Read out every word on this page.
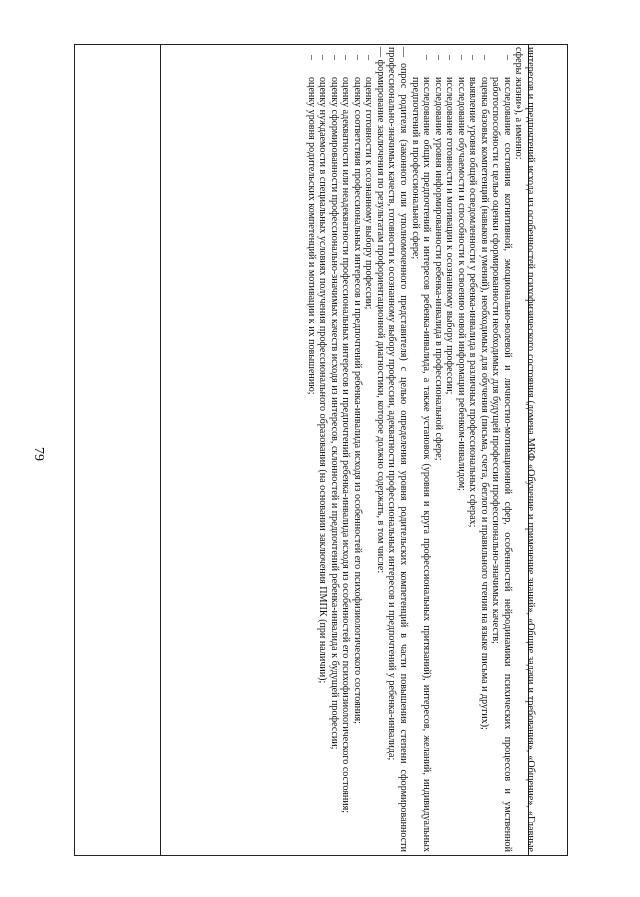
79	интересов и предпочтений исхода из особенностей психофизического состояния (домена МКФ «Обучение и применение знаний», «Общие задачи и требования», «Общение», «Главные сферы жизни»), а именно:

–исследование состояния когнитивной, эмоционально-волевой и личностно-мотивационной сфер, особенностей нейродинамики психических процессов и умственной работоспособности с целью оценки сформированности необходимых для будущей профессии профессионально-значимых качеств;

–оценка базовых компетенций (навыков и умений), необходимых для обучения (письма, счета, беглого и правильного чтения на языке письма и других);

–выявление уровня общей осведомленности у ребенка-инвалида в различных профессиональных сферах;

–исследование обучаемости и способности к освоению новой информации ребенком-инвалидом;

–исследование готовности и мотивации к осознанному выбору профессии;

–исследование уровня информированности ребенка-инвалида в профессиональной сфере;

–исследование общих предпочтений и интересов ребенка-инвалида, а также установок (уровня и круга профессиональных притязаний), интересов, желаний, индивидуальных предпочтений в профессиональной сфере;

— опрос родителя (законного или уполномоченного представителя) с целью определения уровня родительских компетенций в части повышения степени сформированности профессионально-значимых качеств, готовности к осознанному выбору профессии, адекватности профессиональных интересов и предпочтений у ребенка-инвалида;

— формирование заключения по результатам профориентационной диагностики, которое должно содержать, в том числе:

–оценку готовности к осознанному выбору профессии;

–оценку соответствия профессиональных интересов и предпочтений ребенка-инвалида исходя из особенностей его психофизиологического состояния;

–оценку адекватности или неадекватности профессиональных интересов и предпочтений ребенка-инвалида исходя из особенностей его психофизиологического состояния;

–оценку сформированности профессионально-значимых качеств исходя из интересов, склонностей и предпочтений ребенка-инвалида к будущей профессии;

–оценку нуждаемости в специальных условиях получения профессионального образования (на основании заключения ПМПК (при наличии);

–оценку уровня родительских компетенций и мотивации к их повышению;
